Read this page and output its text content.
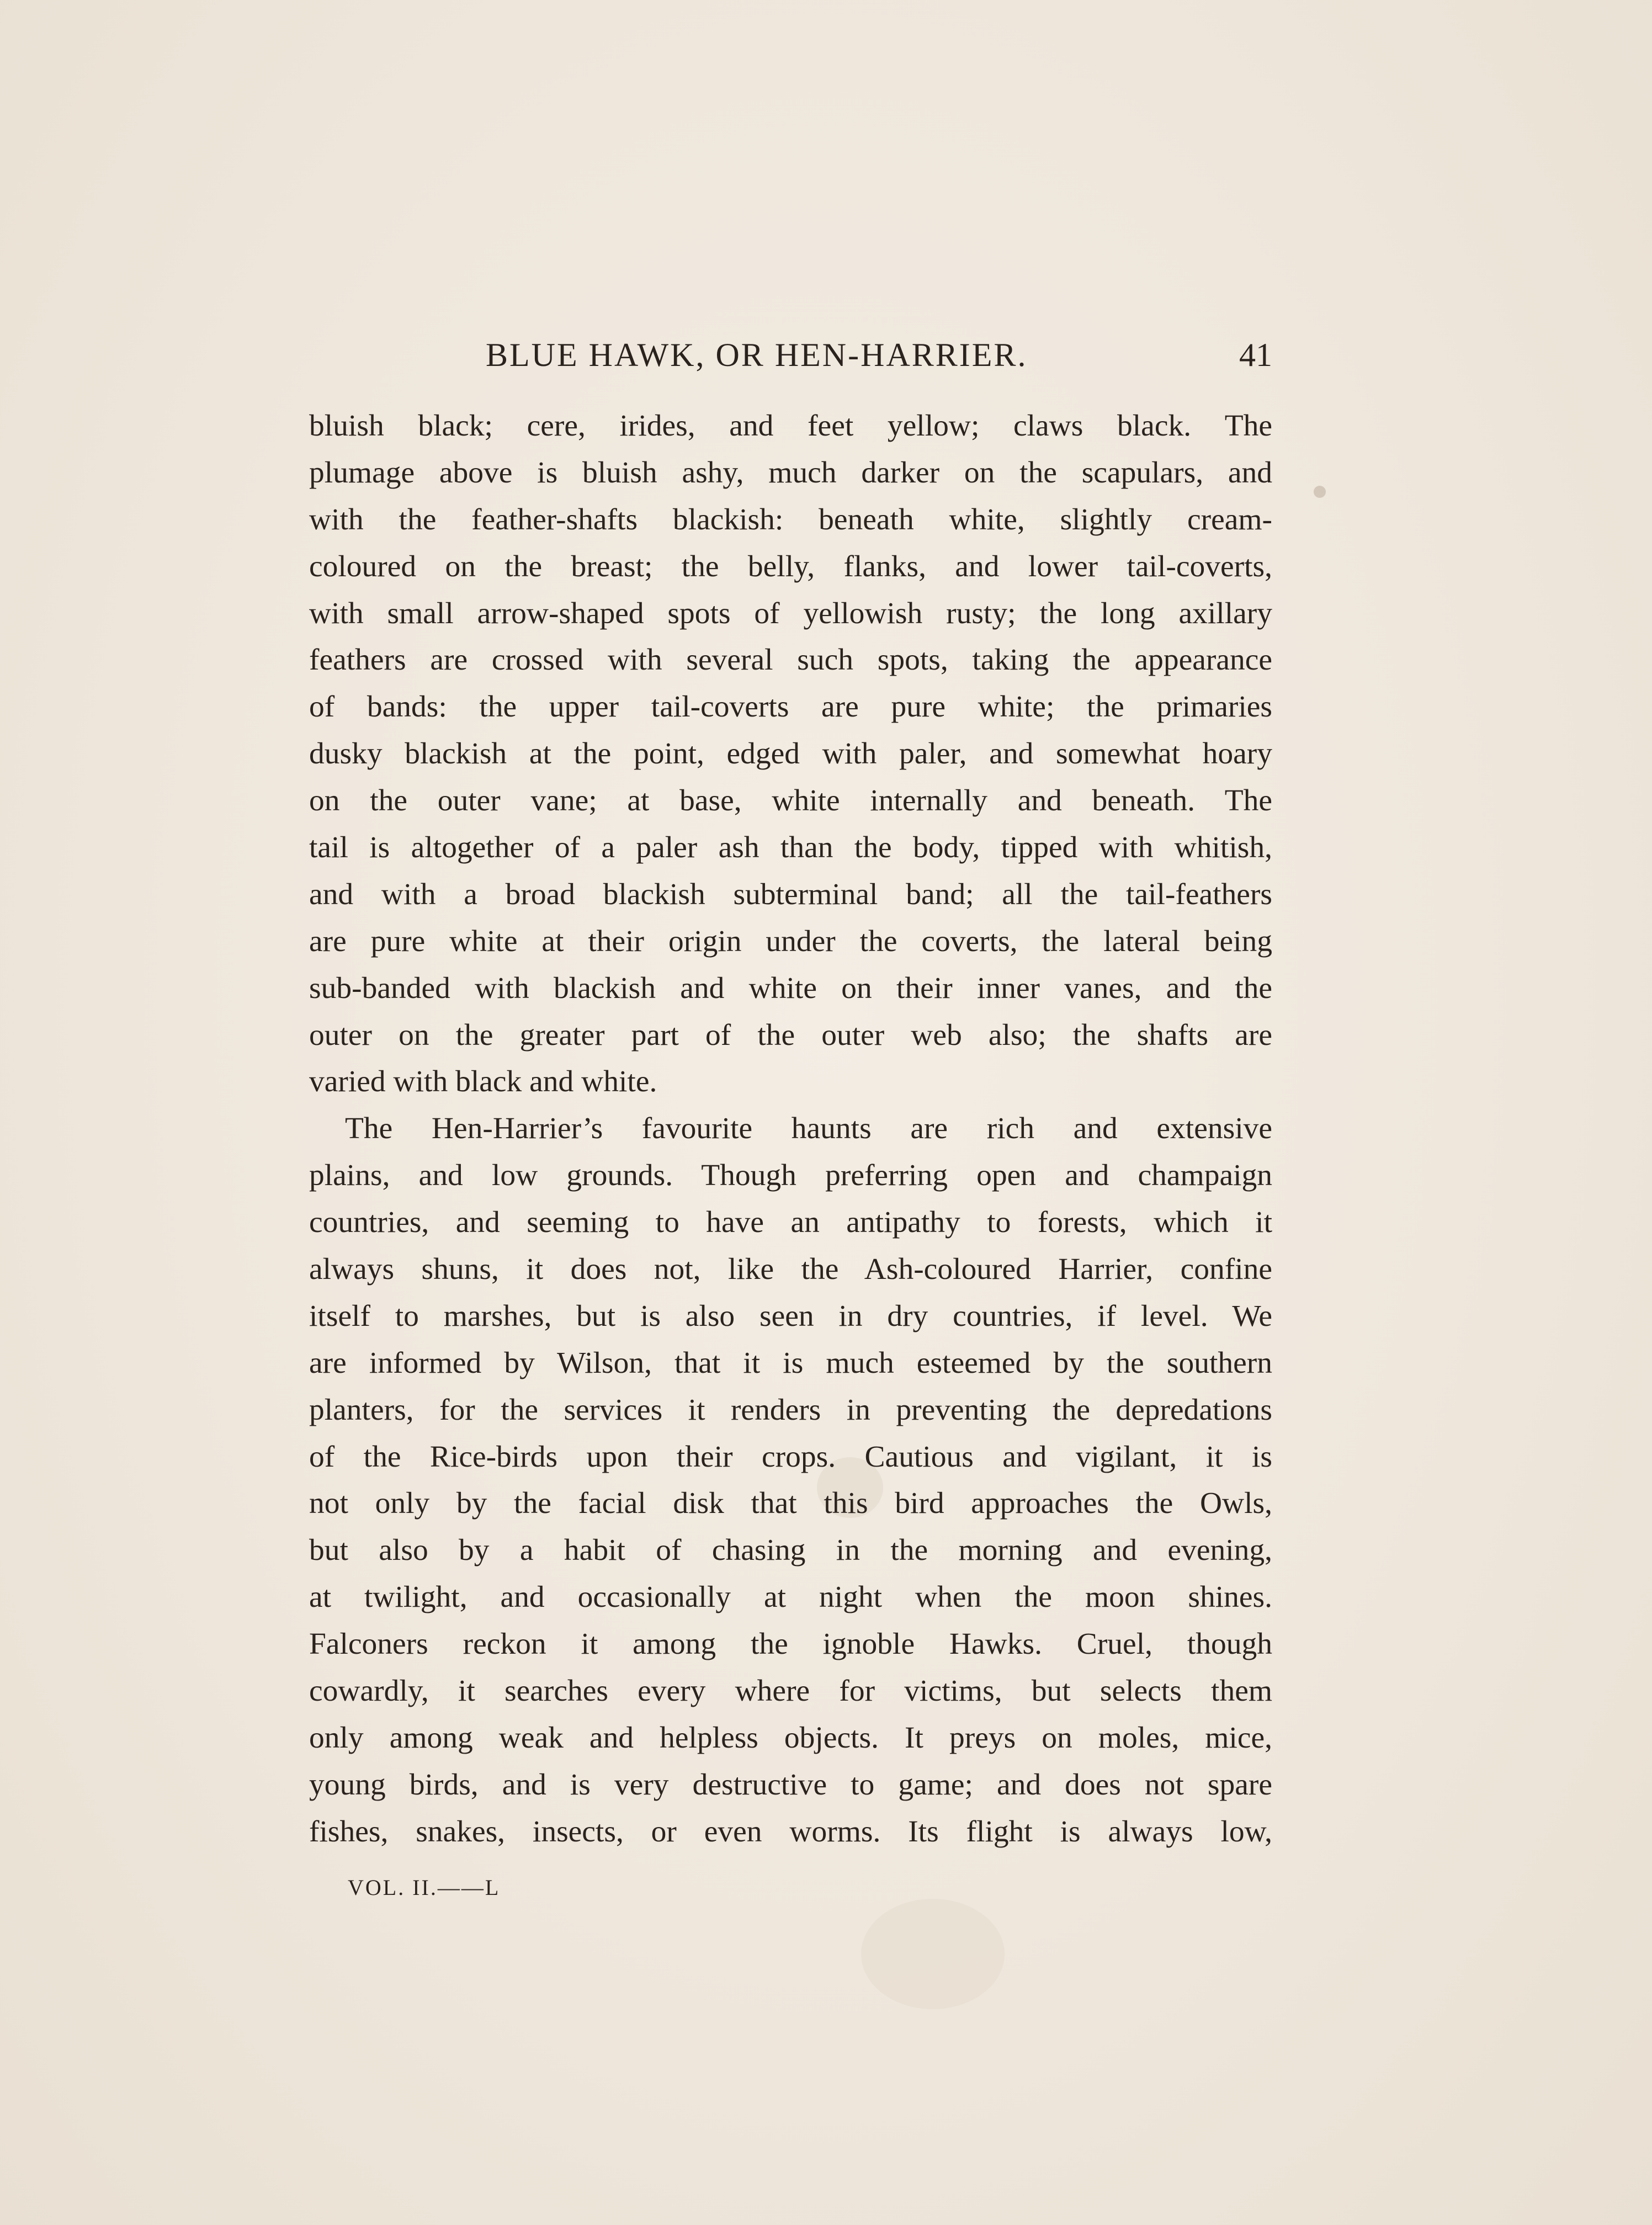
BLUE HAWK, OR HEN-HARRIER.	41
bluish black; cere, irides, and feet yellow; claws black. The
plumage above is bluish ashy, much darker on the scapulars, and
with the feather-shafts blackish: beneath white, slightly cream-
coloured on the breast; the belly, flanks, and lower tail-coverts,
with small arrow-shaped spots of yellowish rusty; the long axillary
feathers are crossed with several such spots, taking the appearance
of bands: the upper tail-coverts are pure white; the primaries
dusky blackish at the point, edged with paler, and somewhat hoary
on the outer vane; at base, white internally and beneath. The
tail is altogether of a paler ash than the body, tipped with whitish,
and with a broad blackish subterminal band; all the tail-feathers
are pure white at their origin under the coverts, the lateral being
sub-banded with blackish and white on their inner vanes, and the
outer on the greater part of the outer web also; the shafts are
varied with black and white.
The Hen-Harrier’s favourite haunts are rich and extensive
plains, and low grounds. Though preferring open and champaign
countries, and seeming to have an antipathy to forests, which it
always shuns, it does not, like the Ash-coloured Harrier, confine
itself to marshes, but is also seen in dry countries, if level. We
are informed by Wilson, that it is much esteemed by the southern
planters, for the services it renders in preventing the depredations
of the Rice-birds upon their crops. Cautious and vigilant, it is
not only by the facial disk that this bird approaches the Owls,
but also by a habit of chasing in the morning and evening,
at twilight, and occasionally at night when the moon shines.
Falconers reckon it among the ignoble Hawks. Cruel, though
cowardly, it searches every where for victims, but selects them
only among weak and helpless objects. It preys on moles, mice,
young birds, and is very destructive to game; and does not spare
fishes, snakes, insects, or even worms. Its flight is always low,
VOL. II.——L
